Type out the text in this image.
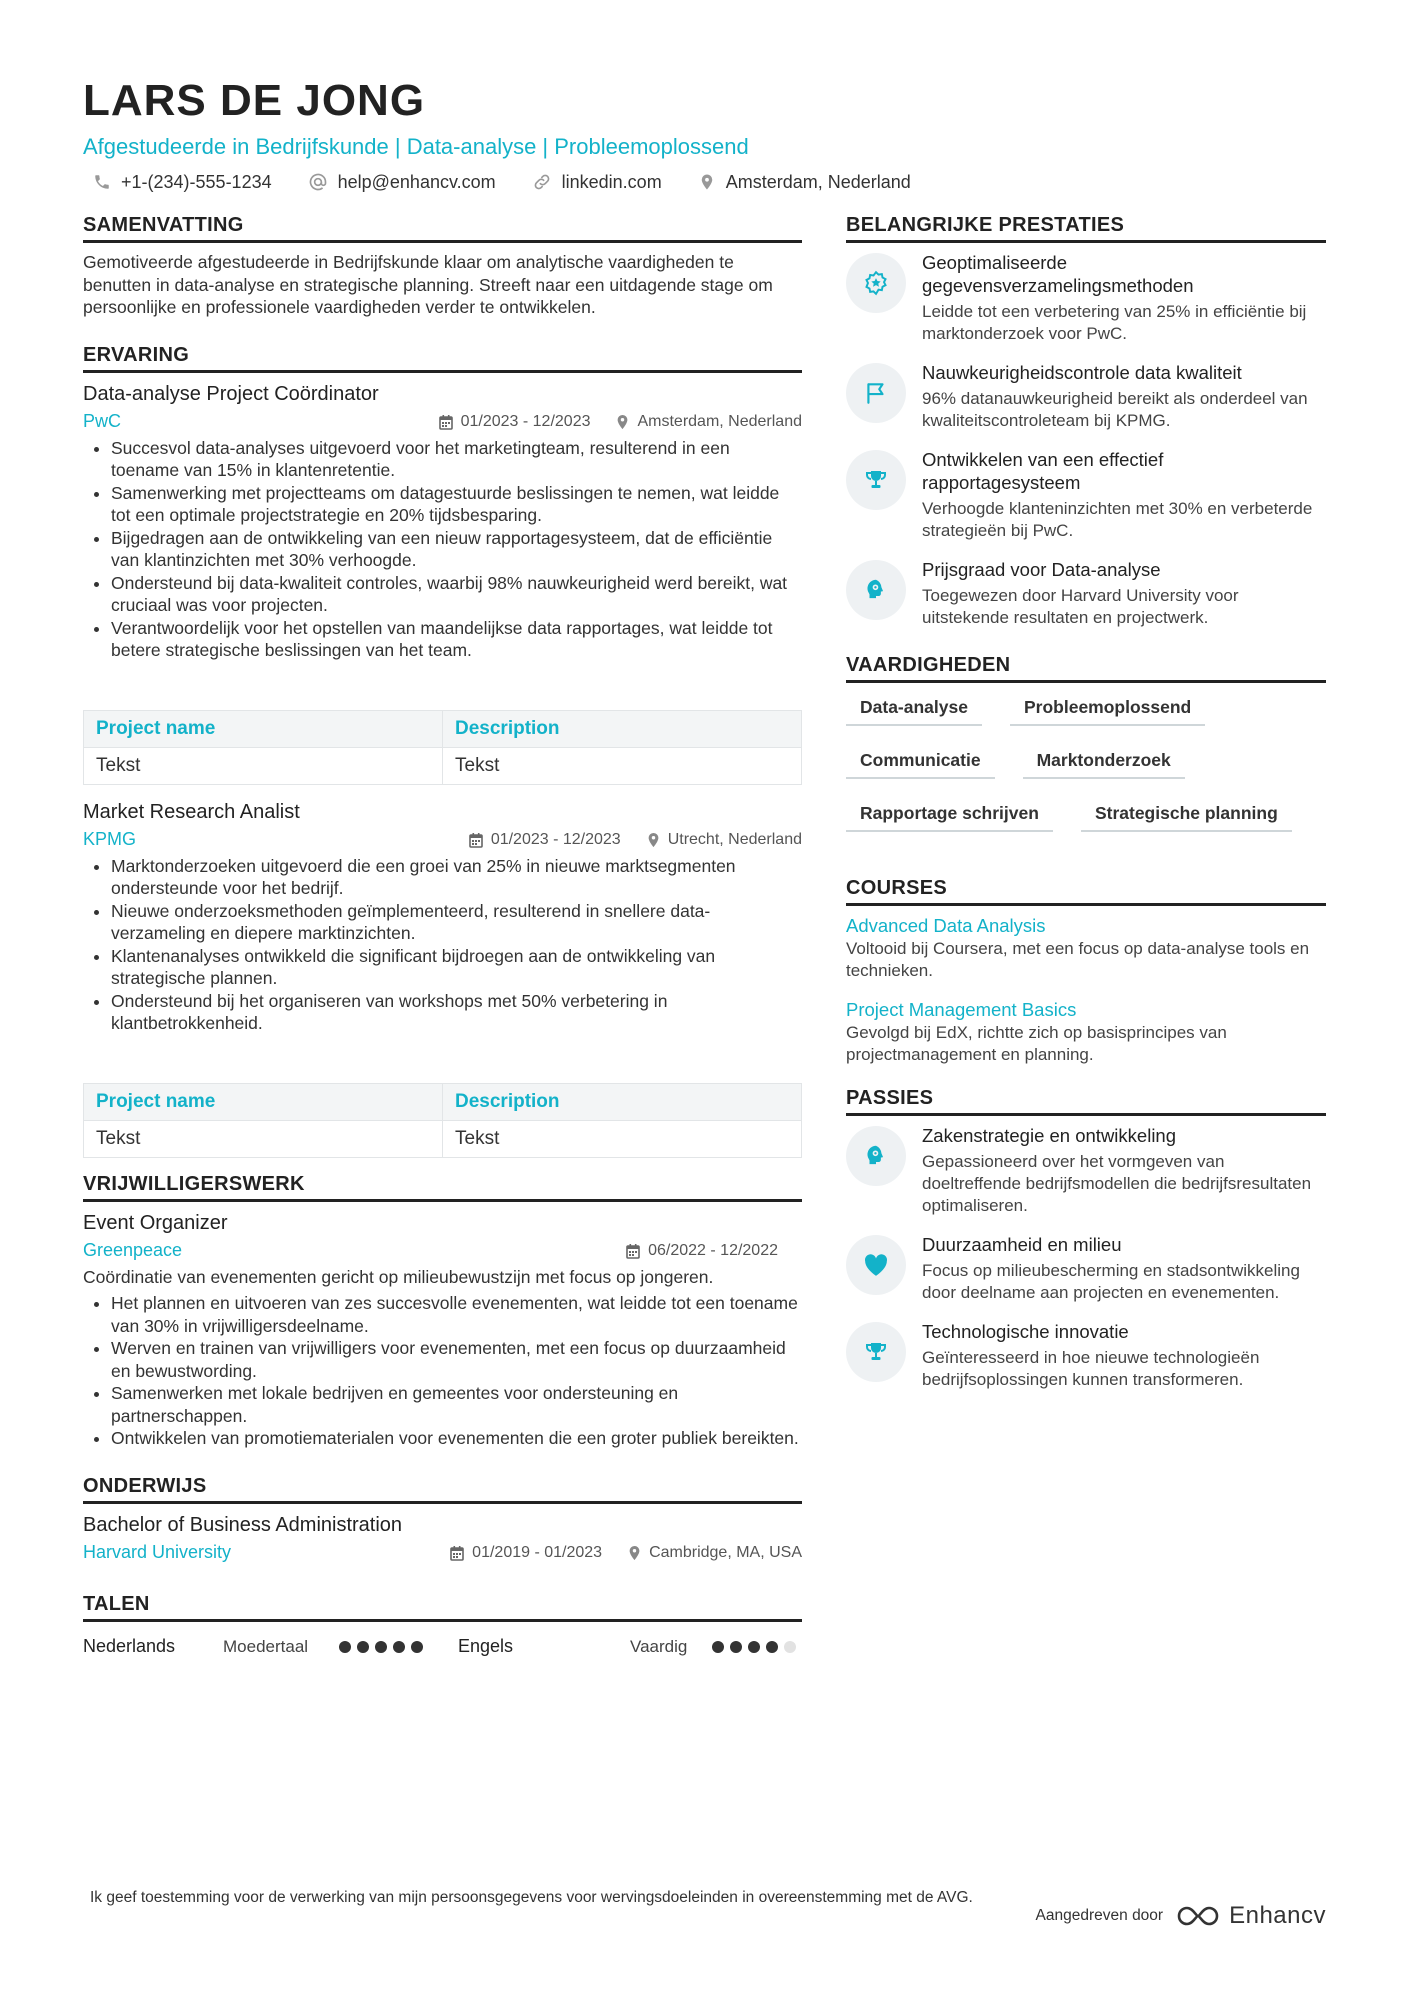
LARS DE JONG
Afgestudeerde in Bedrijfskunde | Data-analyse | Probleemoplossend
+1-(234)-555-1234	help@enhancv.com	linkedin.com	Amsterdam, Nederland
SAMENVATTING

Gemotiveerde afgestudeerde in Bedrijfskunde klaar om analytische vaardigheden te benutten in data-analyse en strategische planning. Streeft naar een uitdagende stage om persoonlijke en professionele vaardigheden verder te ontwikkelen.

ERVARING
Data-analyse Project Coördinator
PwC	01/2023 - 12/2023	Amsterdam, Nederland
• Succesvol data-analyses uitgevoerd voor het marketingteam, resulterend in een toename van 15% in klantenretentie.
• Samenwerking met projectteams om datagestuurde beslissingen te nemen, wat leidde tot een optimale projectstrategie en 20% tijdsbesparing.
• Bijgedragen aan de ontwikkeling van een nieuw rapportagesysteem, dat de efficiëntie van klantinzichten met 30% verhoogde.
• Ondersteund bij data-kwaliteit controles, waarbij 98% nauwkeurigheid werd bereikt, wat cruciaal was voor projecten.
• Verantwoordelijk voor het opstellen van maandelijkse data rapportages, wat leidde tot betere strategische beslissingen van het team.
Project name	Description
Tekst	Tekst
Market Research Analist
KPMG	01/2023 - 12/2023	Utrecht, Nederland
• Marktonderzoeken uitgevoerd die een groei van 25% in nieuwe marktsegmenten ondersteunde voor het bedrijf.
• Nieuwe onderzoeksmethoden geïmplementeerd, resulterend in snellere data-verzameling en diepere marktinzichten.
• Klantenanalyses ontwikkeld die significant bijdroegen aan de ontwikkeling van strategische plannen.
• Ondersteund bij het organiseren van workshops met 50% verbetering in klantbetrokkenheid.
Project name	Description
Tekst	Tekst
VRIJWILLIGERSWERK
Event Organizer
Greenpeace	06/2022 - 12/2022

Coördinatie van evenementen gericht op milieubewustzijn met focus op jongeren.

• Het plannen en uitvoeren van zes succesvolle evenementen, wat leidde tot een toename van 30% in vrijwilligersdeelname.
• Werven en trainen van vrijwilligers voor evenementen, met een focus op duurzaamheid en bewustwording.
• Samenwerken met lokale bedrijven en gemeentes voor ondersteuning en partnerschappen.
• Ontwikkelen van promotiematerialen voor evenementen die een groter publiek bereikten.
ONDERWIJS
Bachelor of Business Administration
Harvard University	01/2019 - 01/2023	Cambridge, MA, USA
TALEN
Nederlands	Moedertaal	Engels	Vaardig
BELANGRIJKE PRESTATIES
Geoptimaliseerde gegevensverzamelingsmethoden
Leidde tot een verbetering van 25% in efficiëntie bij marktonderzoek voor PwC.
Nauwkeurigheidscontrole data kwaliteit
96% datanauwkeurigheid bereikt als onderdeel van kwaliteitscontroleteam bij KPMG.
Ontwikkelen van een effectief rapportagesysteem
Verhoogde klanteninzichten met 30% en verbeterde strategieën bij PwC.
Prijsgraad voor Data-analyse
Toegewezen door Harvard University voor uitstekende resultaten en projectwerk.
VAARDIGHEDEN
Data-analyse	Probleemoplossend
Communicatie	Marktonderzoek
Rapportage schrijven	Strategische planning
COURSES
Advanced Data Analysis
Voltooid bij Coursera, met een focus op data-analyse tools en technieken.
Project Management Basics
Gevolgd bij EdX, richtte zich op basisprincipes van projectmanagement en planning.
PASSIES
Zakenstrategie en ontwikkeling
Gepassioneerd over het vormgeven van doeltreffende bedrijfsmodellen die bedrijfsresultaten optimaliseren.
Duurzaamheid en milieu
Focus op milieubescherming en stadsontwikkeling door deelname aan projecten en evenementen.
Technologische innovatie
Geïnteresseerd in hoe nieuwe technologieën bedrijfsoplossingen kunnen transformeren.
Ik geef toestemming voor de verwerking van mijn persoonsgegevens voor wervingsdoeleinden in overeenstemming met de AVG.
Aangedreven door	Enhancv
